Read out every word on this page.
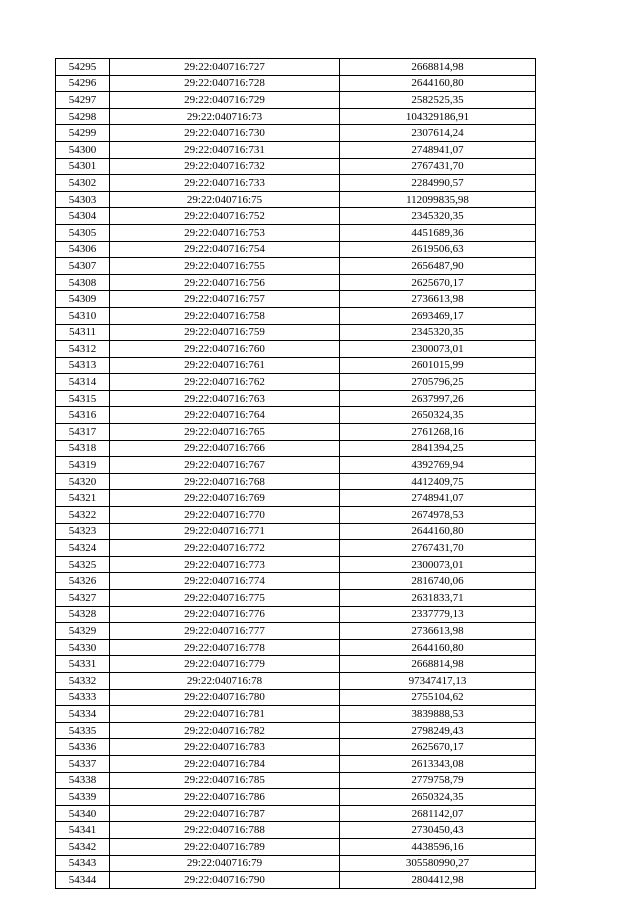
54295	29:22:040716:727	2668814,98
54296	29:22:040716:728	2644160,80
54297	29:22:040716:729	2582525,35
54298	29:22:040716:73	104329186,91
54299	29:22:040716:730	2307614,24
54300	29:22:040716:731	2748941,07
54301	29:22:040716:732	2767431,70
54302	29:22:040716:733	2284990,57
54303	29:22:040716:75	112099835,98
54304	29:22:040716:752	2345320,35
54305	29:22:040716:753	4451689,36
54306	29:22:040716:754	2619506,63
54307	29:22:040716:755	2656487,90
54308	29:22:040716:756	2625670,17
54309	29:22:040716:757	2736613,98
54310	29:22:040716:758	2693469,17
54311	29:22:040716:759	2345320,35
54312	29:22:040716:760	2300073,01
54313	29:22:040716:761	2601015,99
54314	29:22:040716:762	2705796,25
54315	29:22:040716:763	2637997,26
54316	29:22:040716:764	2650324,35
54317	29:22:040716:765	2761268,16
54318	29:22:040716:766	2841394,25
54319	29:22:040716:767	4392769,94
54320	29:22:040716:768	4412409,75
54321	29:22:040716:769	2748941,07
54322	29:22:040716:770	2674978,53
54323	29:22:040716:771	2644160,80
54324	29:22:040716:772	2767431,70
54325	29:22:040716:773	2300073,01
54326	29:22:040716:774	2816740,06
54327	29:22:040716:775	2631833,71
54328	29:22:040716:776	2337779,13
54329	29:22:040716:777	2736613,98
54330	29:22:040716:778	2644160,80
54331	29:22:040716:779	2668814,98
54332	29:22:040716:78	97347417,13
54333	29:22:040716:780	2755104,62
54334	29:22:040716:781	3839888,53
54335	29:22:040716:782	2798249,43
54336	29:22:040716:783	2625670,17
54337	29:22:040716:784	2613343,08
54338	29:22:040716:785	2779758,79
54339	29:22:040716:786	2650324,35
54340	29:22:040716:787	2681142,07
54341	29:22:040716:788	2730450,43
54342	29:22:040716:789	4438596,16
54343	29:22:040716:79	305580990,27
54344	29:22:040716:790	2804412,98
